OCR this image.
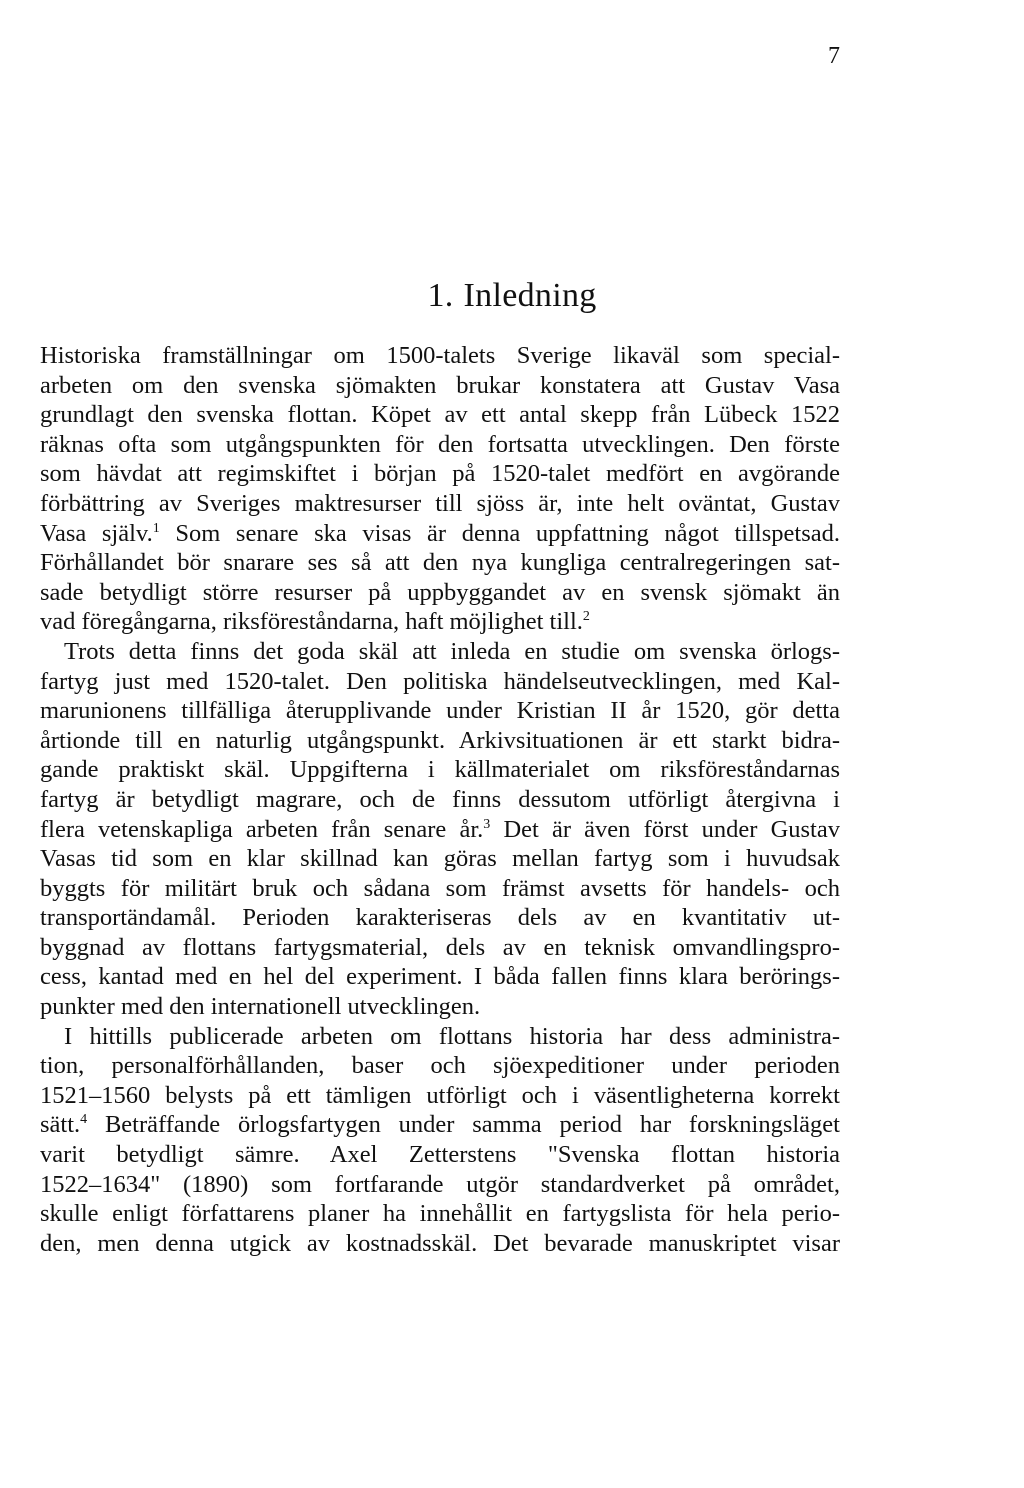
7
1. Inledning
Historiska framställningar om 1500-talets Sverige likaväl som special-
arbeten om den svenska sjömakten brukar konstatera att Gustav Vasa
grundlagt den svenska flottan. Köpet av ett antal skepp från Lübeck 1522
räknas ofta som utgångspunkten för den fortsatta utvecklingen. Den förste
som hävdat att regimskiftet i början på 1520-talet medfört en avgörande
förbättring av Sveriges maktresurser till sjöss är, inte helt oväntat, Gustav
Vasa själv.$^1$ Som senare ska visas är denna uppfattning något tillspetsad.
Förhållandet bör snarare ses så att den nya kungliga centralregeringen sat-
sade betydligt större resurser på uppbyggandet av en svensk sjömakt än
vad föregångarna, riksföreståndarna, haft möjlighet till.$^2$
Trots detta finns det goda skäl att inleda en studie om svenska örlogs-
fartyg just med 1520-talet. Den politiska händelseutvecklingen, med Kal-
marunionens tillfälliga återupplivande under Kristian II år 1520, gör detta
årtionde till en naturlig utgångspunkt. Arkivsituationen är ett starkt bidra-
gande praktiskt skäl. Uppgifterna i källmaterialet om riksföreståndarnas
fartyg är betydligt magrare, och de finns dessutom utförligt återgivna i
flera vetenskapliga arbeten från senare år.$^3$ Det är även först under Gustav
Vasas tid som en klar skillnad kan göras mellan fartyg som i huvudsak
byggts för militärt bruk och sådana som främst avsetts för handels- och
transportändamål. Perioden karakteriseras dels av en kvantitativ ut-
byggnad av flottans fartygsmaterial, dels av en teknisk omvandlingspro-
cess, kantad med en hel del experiment. I båda fallen finns klara berörings-
punkter med den internationell utvecklingen.
I hittills publicerade arbeten om flottans historia har dess administra-
tion, personalförhållanden, baser och sjöexpeditioner under perioden
1521–1560 belysts på ett tämligen utförligt och i väsentligheterna korrekt
sätt.$^4$ Beträffande örlogsfartygen under samma period har forskningsläget
varit betydligt sämre. Axel Zetterstens "Svenska flottan historia
1522–1634" (1890) som fortfarande utgör standardverket på området,
skulle enligt författarens planer ha innehållit en fartygslista för hela perio-
den, men denna utgick av kostnadsskäl. Det bevarade manuskriptet visar
